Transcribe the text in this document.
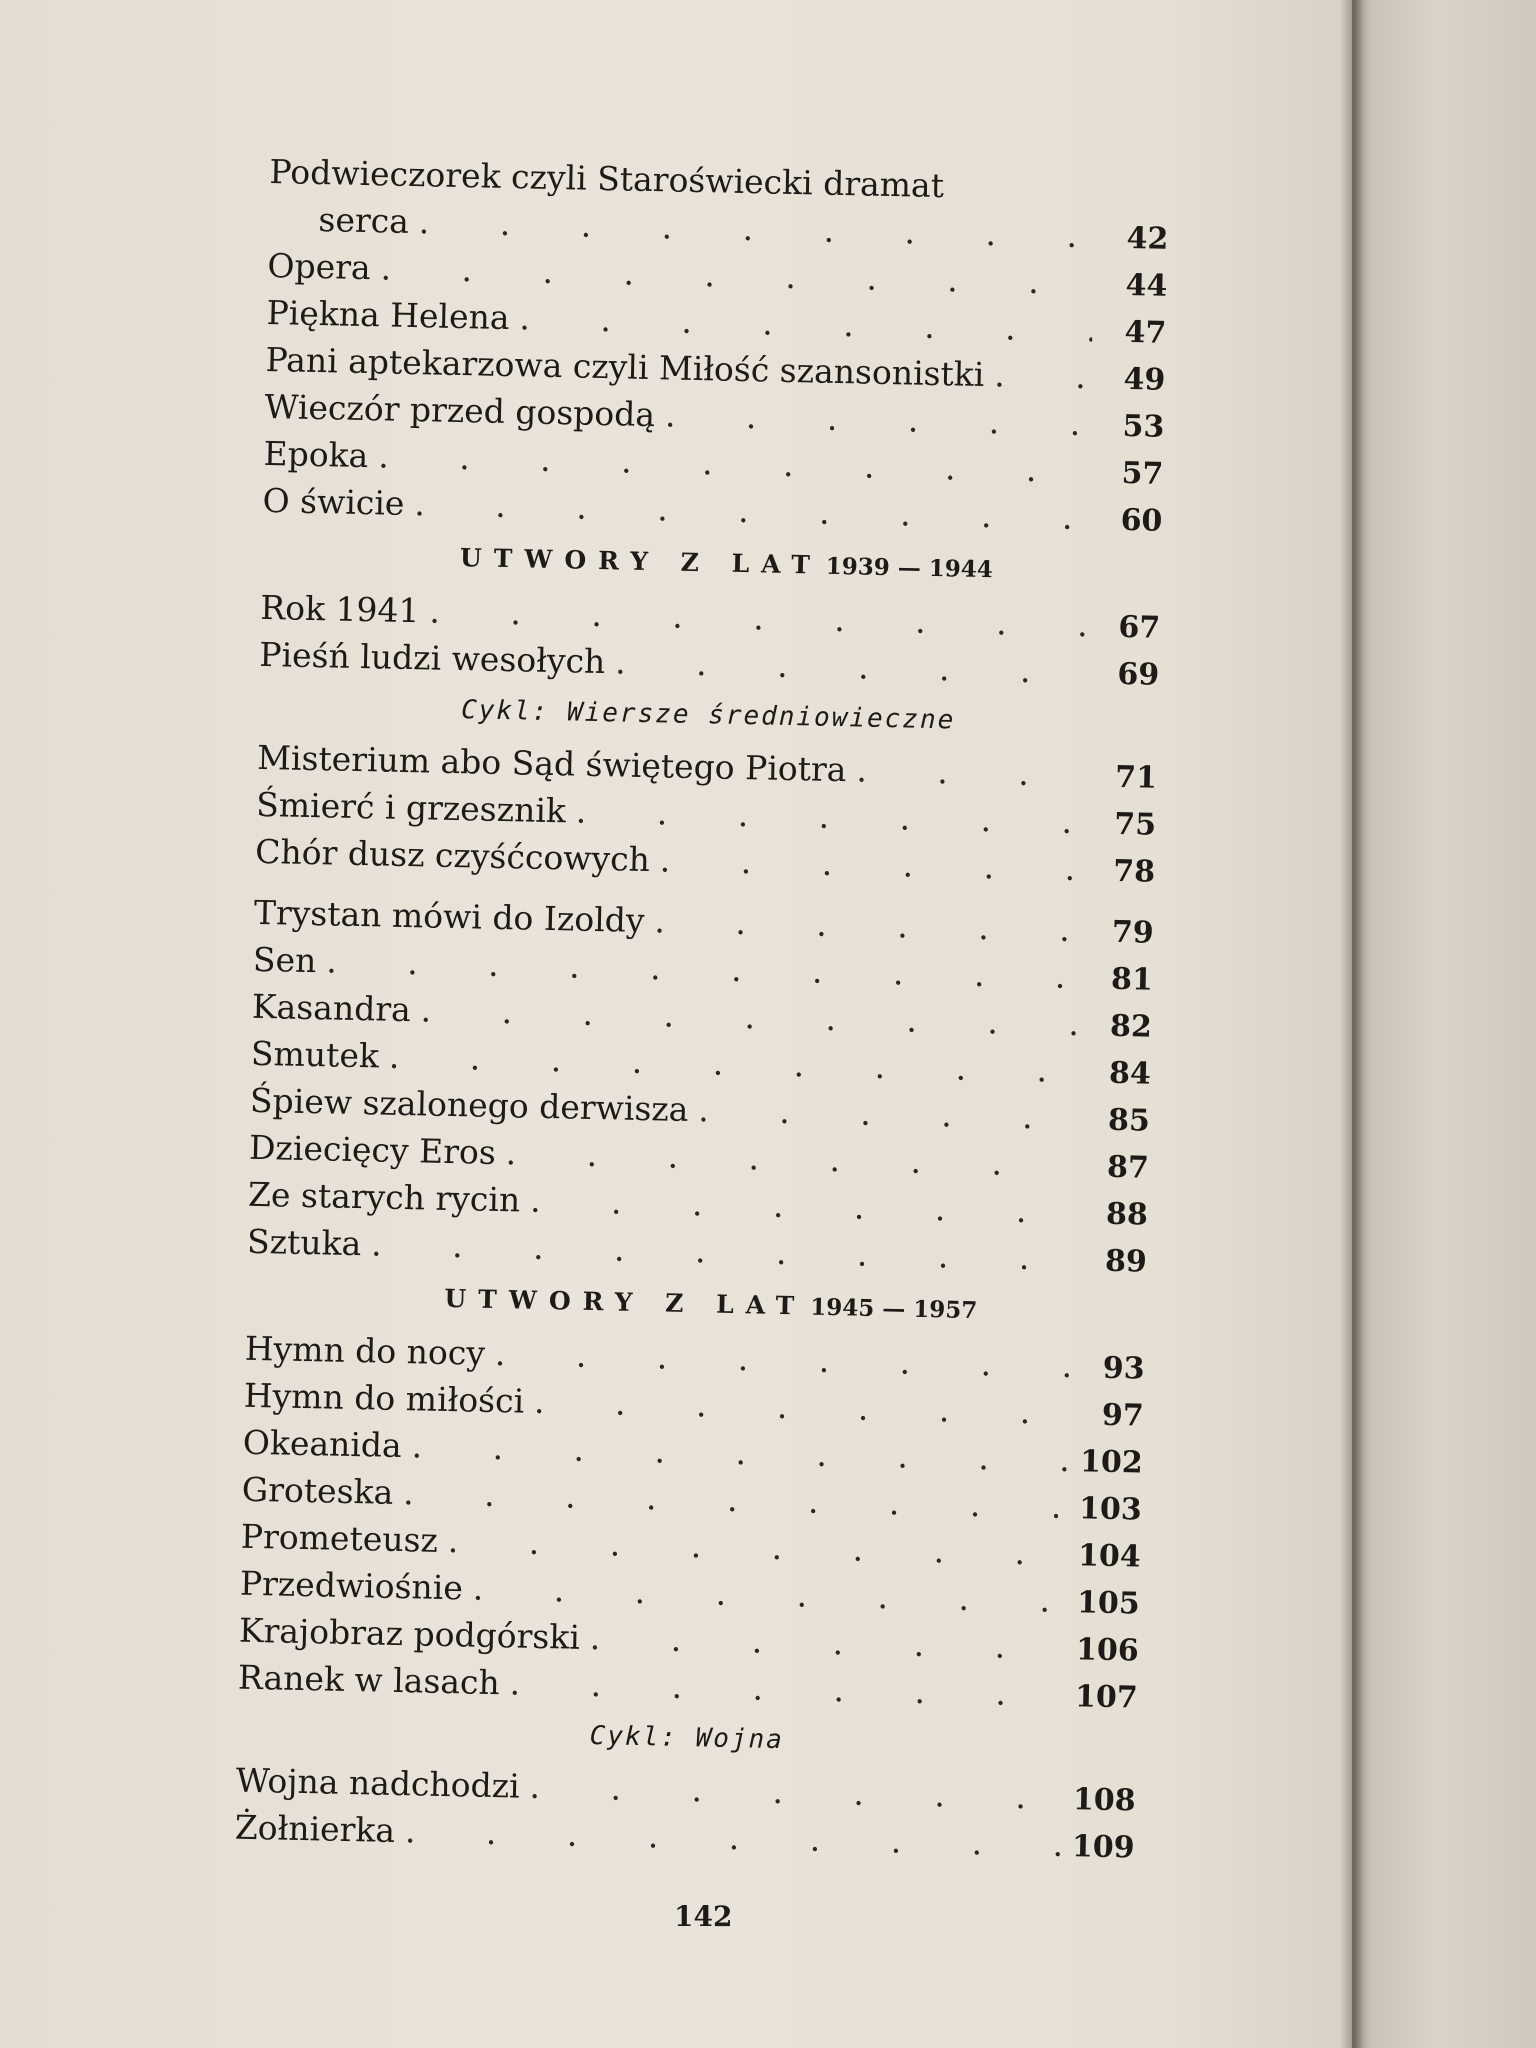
Podwieczorek czyli Staroświecki dramat
serca . . .	42
Opera . . .	44
Piękna Helena . . .	47
Pani aptekarzowa czyli Miłość szansonistki . . .	49
Wieczór przed gospodą . . .	53
Epoka . . .	57
O świcie . . .	60
UTWORY Z LAT 1939 — 1944
Rok 1941 . . .	67
Pieśń ludzi wesołych . . .	69
Cykl: Wiersze średniowieczne
Misterium abo Sąd świętego Piotra . . .	71
Śmierć i grzesznik . . .	75
Chór dusz czyśćcowych . . .	78
Trystan mówi do Izoldy . . .	79
Sen . . .	81
Kasandra . . .	82
Smutek . . .	84
Śpiew szalonego derwisza . . .	85
Dziecięcy Eros . . .	87
Ze starych rycin . . .	88
Sztuka . . .	89
UTWORY Z LAT 1945 — 1957
Hymn do nocy . . .	93
Hymn do miłości . . .	97
Okeanida . . .	102
Groteska . . .	103
Prometeusz . . .	104
Przedwiośnie . . .	105
Krajobraz podgórski . . .	106
Ranek w lasach . . .	107
Cykl: Wojna
Wojna nadchodzi . . .	108
Żołnierka . . .	109
142
